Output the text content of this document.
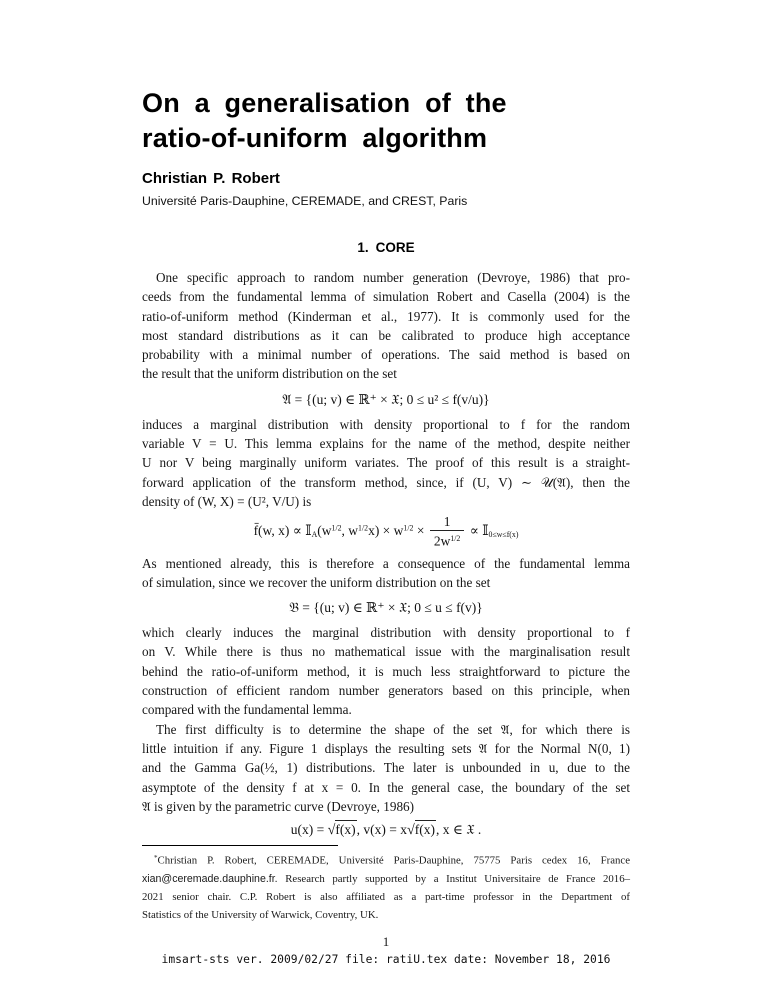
On a generalisation of the
ratio-of-uniform algorithm
Christian P. Robert
Université Paris-Dauphine, CEREMADE, and CREST, Paris
1. CORE
One specific approach to random number generation (Devroye, 1986) that pro-
ceeds from the fundamental lemma of simulation Robert and Casella (2004) is the
ratio-of-uniform method (Kinderman et al., 1977). It is commonly used for the
most standard distributions as it can be calibrated to produce high acceptance
probability with a minimal number of operations. The said method is based on
the result that the uniform distribution on the set
𝔄 = {(u; v) ∈ ℝ⁺ × 𝔛; 0 ≤ u² ≤ f(v/u)}
induces a marginal distribution with density proportional to f for the random
variable V = U. This lemma explains for the name of the method, despite neither
U nor V being marginally uniform variates. The proof of this result is a straight-
forward application of the transform method, since, if (U, V) ∼ 𝒰(𝔄), then the
density of (W, X) = (U², V/U) is
f̄(w, $x) \propto 𝕀_A(w^{1/2}$, $w^{1/2}x) \times w^{1/2} \times \frac{1}{2w^{1/2}}$ ∝ 𝕀$_{0\le w\le f(x)}$
As mentioned already, this is therefore a consequence of the fundamental lemma
of simulation, since we recover the uniform distribution on the set
𝔅 = {(u; v) ∈ ℝ⁺ × 𝔛; 0 ≤ u ≤ f(v)}
which clearly induces the marginal distribution with density proportional to f
on V. While there is thus no mathematical issue with the marginalisation result
behind the ratio-of-uniform method, it is much less straightforward to picture the
construction of efficient random number generators based on this principle, when
compared with the fundamental lemma.
The first difficulty is to determine the shape of the set 𝔄, for which there is
little intuition if any. Figure 1 displays the resulting sets 𝔄 for the Normal N(0, 1)
and the Gamma Ga(½, 1) distributions. The later is unbounded in u, due to the
asymptote of the density f at x = 0. In the general case, the boundary of the set
𝔄 is given by the parametric curve (Devroye, 1986)
u(x) = √f(x), v(x) = x√f(x), x ∈ 𝔛 .
*Christian P. Robert, CEREMADE, Université Paris-Dauphine, 75775 Paris cedex 16, France
xian@ceremade.dauphine.fr. Research partly supported by a Institut Universitaire de France 2016–
2021 senior chair. C.P. Robert is also affiliated as a part-time professor in the Department of
Statistics of the University of Warwick, Coventry, UK.
1
imsart-sts ver. 2009/02/27 file: ratiU.tex date: November 18, 2016
